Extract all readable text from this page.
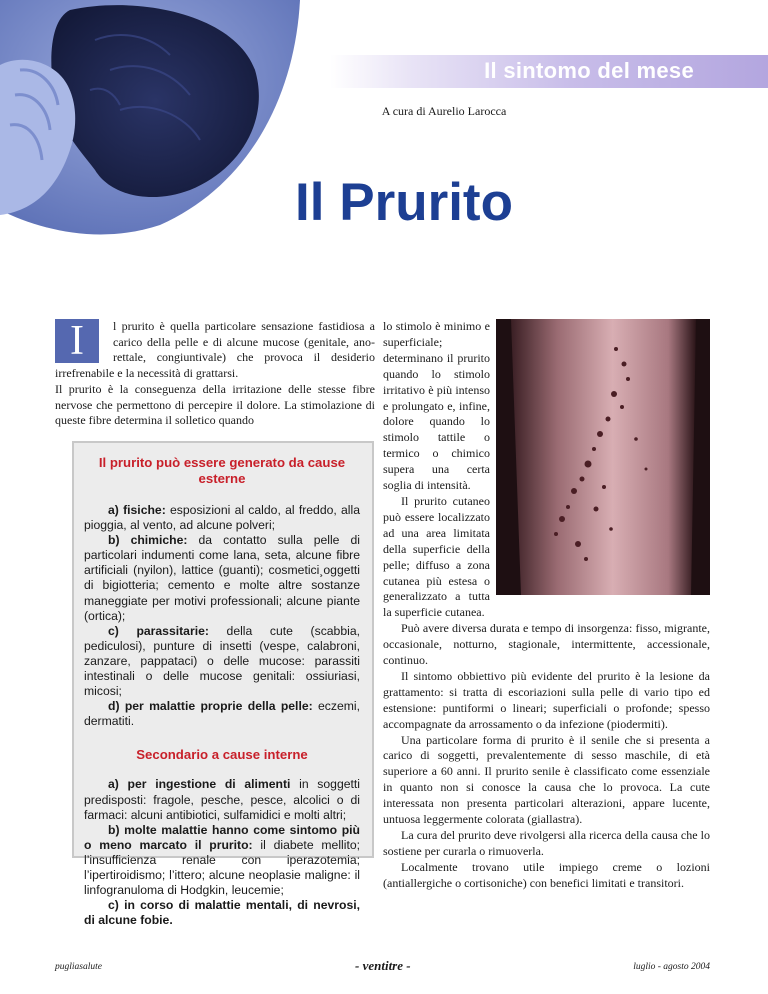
Il sintomo del mese
A cura di Aurelio Larocca
Il Prurito
I	l prurito è quella particolare sensazione fastidiosa a carico della pelle e di alcune mucose (genitale, ano-rettale, congiuntivale) che provoca il desiderio irrefrenabile e la necessità di grattarsi.

Il prurito è la conseguenza della irritazione delle stesse fibre nervose che permettono di percepire il dolore. La stimolazione di queste fibre determina il solletico quando

Il prurito può essere generato da cause esterne

a) fisiche: esposizioni al caldo, al freddo, alla pioggia, al vento, ad alcune polveri;

b) chimiche: da contatto sulla pelle di particolari indumenti come lana, seta, alcune fibre artificiali (nyilon), lattice (guanti); cosmetici¸oggetti di bigiotteria; cemento e molte altre sostanze maneggiate per motivi professionali; alcune piante (ortica);

c) parassitarie: della cute (scabbia, pediculosi), punture di insetti (vespe, calabroni, zanzare, pappataci) o delle mucose: parassiti intestinali o delle mucose genitali: ossiuriasi, micosi;

d) per malattie proprie della pelle: eczemi, dermatiti.

Secondario a cause interne

a) per ingestione di alimenti in soggetti predisposti: fragole, pesche, pesce, alcolici o di farmaci: alcuni antibiotici, sulfamidici e molti altri;

b) molte malattie hanno come sintomo più o meno marcato il prurito: il diabete mellito; l’insufficienza renale con iperazotemia; l’ipertiroidismo; l’ittero; alcune neoplasie maligne: il linfogranuloma di Hodgkin, leucemie;

c) in corso di malattie mentali, di nevrosi, di alcune fobie.

lo stimolo è minimo e superficiale; determinano il prurito quando lo stimolo irritativo è più intenso e prolungato e, infine, dolore quando lo stimolo tattile o termico o chimico supera una certa soglia di intensità.

Il prurito cutaneo può essere localizzato ad una area limitata della superficie della pelle; diffuso a zona cutanea più estesa o generalizzato a tutta la superficie cutanea.

Può avere diversa durata e tempo di insorgenza: fisso, migrante, occasionale, notturno, stagionale, intermittente, accessionale, continuo.

Il sintomo obbiettivo più evidente del prurito è la lesione da grattamento: si tratta di escoriazioni sulla pelle di vario tipo ed estensione: puntiformi o lineari; superficiali o profonde; spesso accompagnate da arrossamento o da infezione (piodermiti).

Una particolare forma di prurito è il senile che si presenta a carico di soggetti, prevalentemente di sesso maschile, di età superiore a 60 anni. Il prurito senile è classificato come essenziale in quanto non si conosce la causa che lo provoca. La cute interessata non presenta particolari alterazioni, appare lucente, untuosa leggermente colorata (giallastra).

La cura del prurito deve rivolgersi alla ricerca della causa che lo sostiene per curarla o rimuoverla.

Localmente trovano utile impiego creme o lozioni (antiallergiche o cortisoniche) con benefici limitati e transitori.

pugliasalute	- ventitre -	luglio - agosto 2004
